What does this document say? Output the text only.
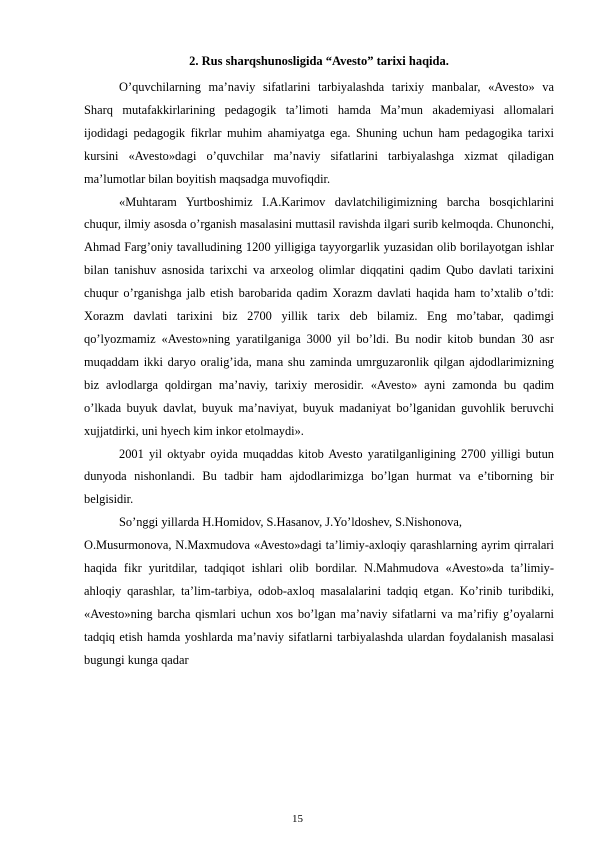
2. Rus sharqshunosligida “Avesto” tarixi haqida.

O’quvchilarning ma’naviy sifatlarini tarbiyalashda tarixiy manbalar, «Avesto» va Sharq mutafakkirlarining pedagogik ta’limoti hamda Ma’mun akademiyasi allomalari ijodidagi pedagogik fikrlar muhim ahamiyatga ega. Shuning uchun ham pedagogika tarixi kursini «Avesto»dagi o’quvchilar ma’naviy sifatlarini tarbiyalashga xizmat qiladigan ma’lumotlar bilan boyitish maqsadga muvofiqdir.

«Muhtaram Yurtboshimiz I.A.Karimov davlatchiligimizning barcha bosqichlarini chuqur, ilmiy asosda o’rganish masalasini muttasil ravishda ilgari surib kelmoqda. Chunonchi, Ahmad Farg’oniy tavalludining 1200 yilligiga tayyorgarlik yuzasidan olib borilayotgan ishlar bilan tanishuv asnosida tarixchi va arxeolog olimlar diqqatini qadim Qubo davlati tarixini chuqur o’rganishga jalb etish barobarida qadim Xorazm davlati haqida ham to’xtalib o’tdi: Xorazm davlati tarixini biz 2700 yillik tarix deb bilamiz. Eng mo’tabar, qadimgi qo’lyozmamiz «Avesto»ning yaratilganiga 3000 yil bo’ldi. Bu nodir kitob bundan 30 asr muqaddam ikki daryo oralig’ida, mana shu zaminda umrguzaronlik qilgan ajdodlarimizning biz avlodlarga qoldirgan ma’naviy, tarixiy merosidir. «Avesto» ayni zamonda bu qadim o’lkada buyuk davlat, buyuk ma’naviyat, buyuk madaniyat bo’lganidan guvohlik beruvchi xujjatdirki, uni hyech kim inkor etolmaydi».

2001 yil oktyabr oyida muqaddas kitob Avesto yaratilganligining 2700 yilligi butun dunyoda nishonlandi. Bu tadbir ham ajdodlarimizga bo’lgan hurmat va e’tiborning bir belgisidir.

So’nggi yillarda H.Homidov, S.Hasanov, J.Yo’ldoshev, S.Nishonova,

O.Musurmonova, N.Maxmudova «Avesto»dagi ta’limiy-axloqiy qarashlarning ayrim qirralari haqida fikr yuritdilar, tadqiqot ishlari olib bordilar. N.Mahmudova «Avesto»da ta’limiy-ahloqiy qarashlar, ta’lim-tarbiya, odob-axloq masalalarini tadqiq etgan. Ko’rinib turibdiki, «Avesto»ning barcha qismlari uchun xos bo’lgan ma’naviy sifatlarni va ma’rifiy g’oyalarni tadqiq etish hamda yoshlarda ma’naviy sifatlarni tarbiyalashda ulardan foydalanish masalasi bugungi kunga qadar

15
